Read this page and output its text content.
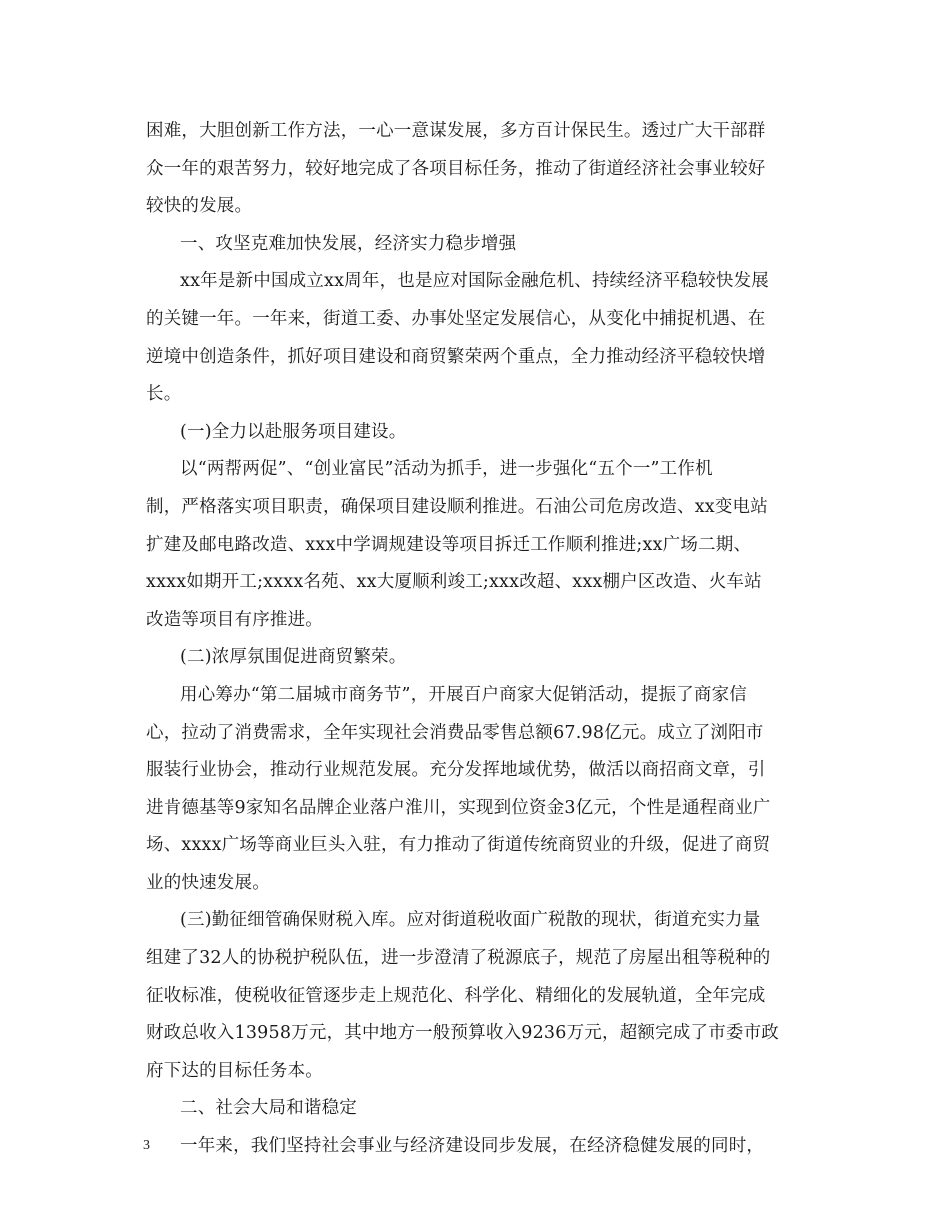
困难，大胆创新工作方法，一心一意谋发展，多方百计保民生。透过广大干部群
众一年的艰苦努力，较好地完成了各项目标任务，推动了街道经济社会事业较好
较快的发展。
一、攻坚克难加快发展，经济实力稳步增强
xx年是新中国成立xx周年，也是应对国际金融危机、持续经济平稳较快发展
的关键一年。一年来，街道工委、办事处坚定发展信心，从变化中捕捉机遇、在
逆境中创造条件，抓好项目建设和商贸繁荣两个重点，全力推动经济平稳较快增
长。
(一)全力以赴服务项目建设。
以“两帮两促”、“创业富民”活动为抓手，进一步强化“五个一”工作机
制，严格落实项目职责，确保项目建设顺利推进。石油公司危房改造、xx变电站
扩建及邮电路改造、xxx中学调规建设等项目拆迁工作顺利推进;xx广场二期、
xxxx如期开工;xxxx名苑、xx大厦顺利竣工;xxx改超、xxx棚户区改造、火车站
改造等项目有序推进。
(二)浓厚氛围促进商贸繁荣。
用心筹办“第二届城市商务节”，开展百户商家大促销活动，提振了商家信
心，拉动了消费需求，全年实现社会消费品零售总额67.98亿元。成立了浏阳市
服装行业协会，推动行业规范发展。充分发挥地域优势，做活以商招商文章，引
进肯德基等9家知名品牌企业落户淮川，实现到位资金3亿元，个性是通程商业广
场、xxxx广场等商业巨头入驻，有力推动了街道传统商贸业的升级，促进了商贸
业的快速发展。
(三)勤征细管确保财税入库。应对街道税收面广税散的现状，街道充实力量
组建了32人的协税护税队伍，进一步澄清了税源底子，规范了房屋出租等税种的
征收标准，使税收征管逐步走上规范化、科学化、精细化的发展轨道，全年完成
财政总收入13958万元，其中地方一般预算收入9236万元，超额完成了市委市政
府下达的目标任务本。
二、社会大局和谐稳定
一年来，我们坚持社会事业与经济建设同步发展，在经济稳健发展的同时，
3
